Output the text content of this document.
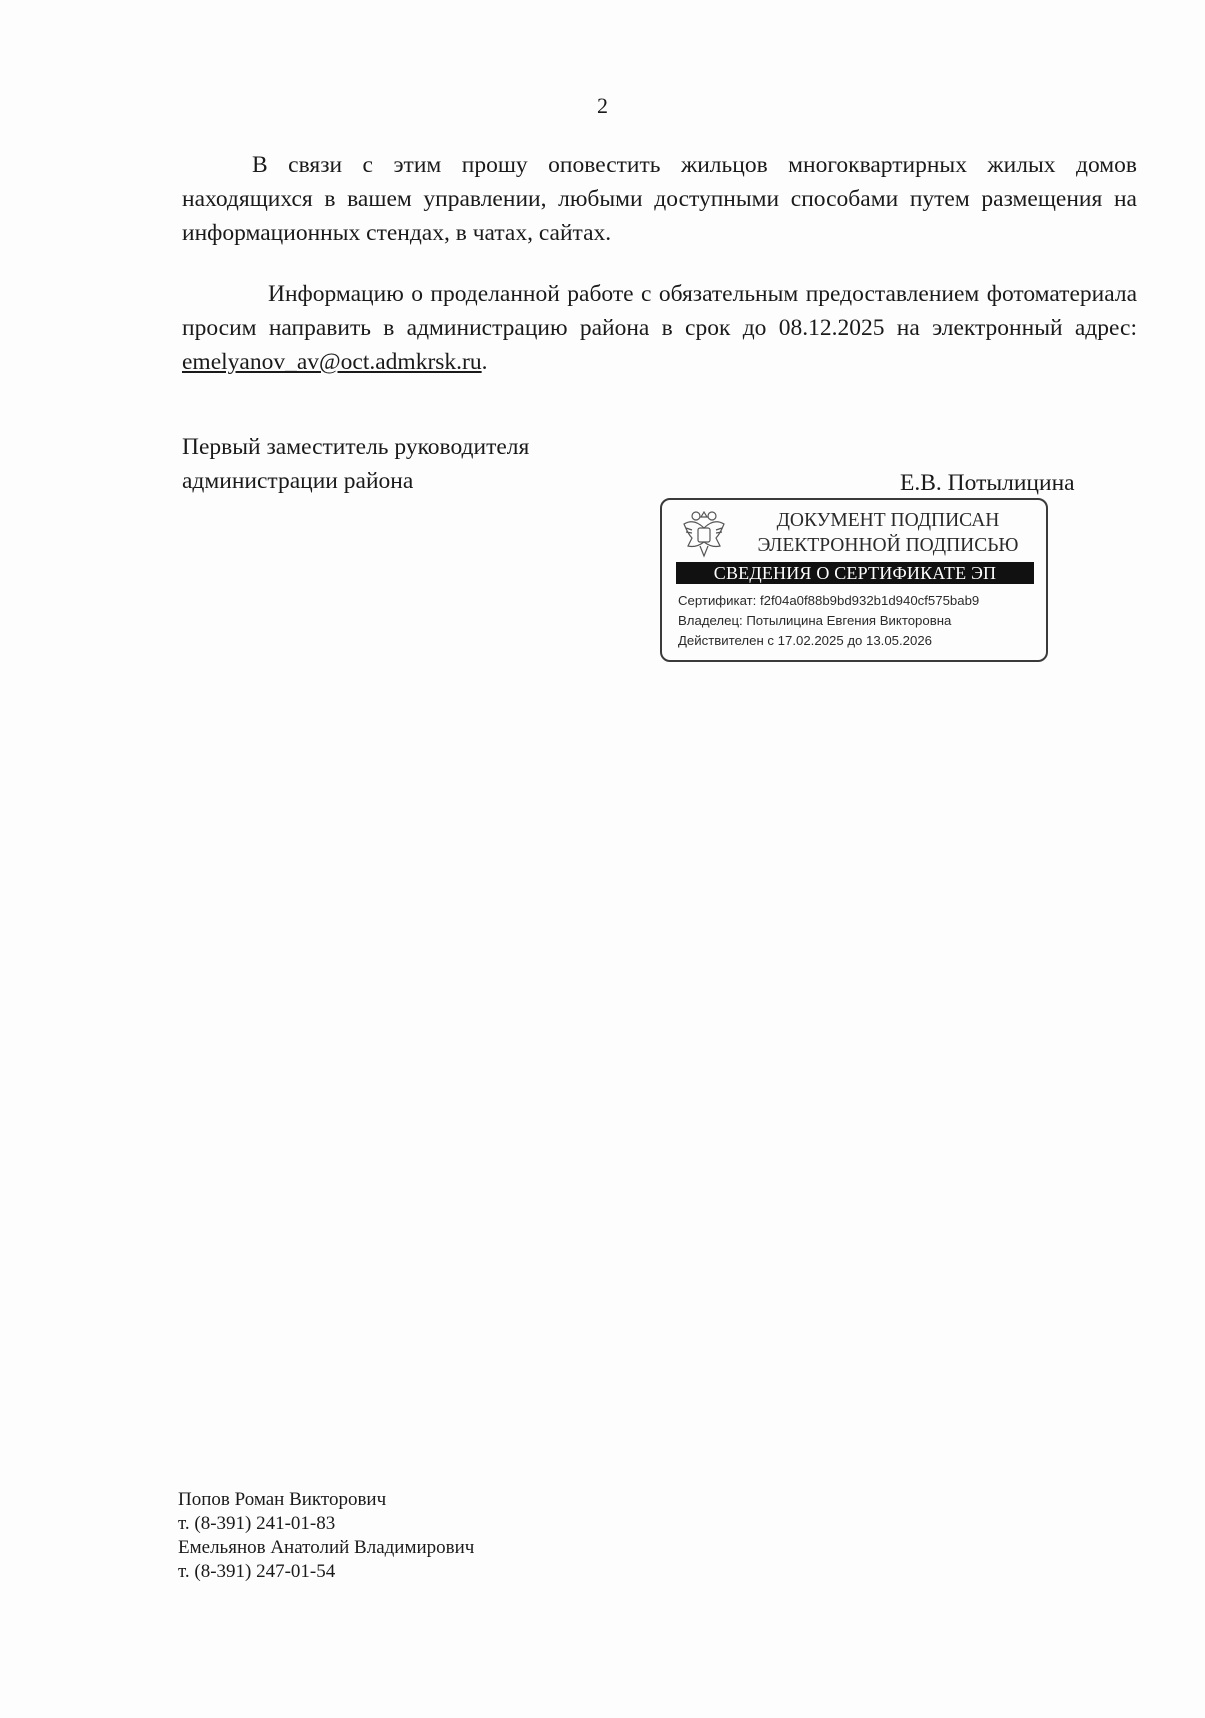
2
В связи с этим прошу оповестить жильцов многоквартирных жилых домов находящихся в вашем управлении, любыми доступными способами путем размещения на информационных стендах, в чатах, сайтах.
Информацию о проделанной работе с обязательным предоставлением фотоматериала просим направить в администрацию района в срок до 08.12.2025 на электронный адрес: emelyanov_av@oct.admkrsk.ru.
Первый заместитель руководителя
администрации района	Е.В. Потылицина
ДОКУМЕНТ ПОДПИСАН
ЭЛЕКТРОННОЙ ПОДПИСЬЮ
СВЕДЕНИЯ О СЕРТИФИКАТЕ ЭП
Сертификат: f2f04a0f88b9bd932b1d940cf575bab9
Владелец: Потылицина Евгения Викторовна
Действителен с 17.02.2025 до 13.05.2026
Попов Роман Викторович
т. (8-391) 241-01-83
Емельянов Анатолий Владимирович
т. (8-391) 247-01-54
